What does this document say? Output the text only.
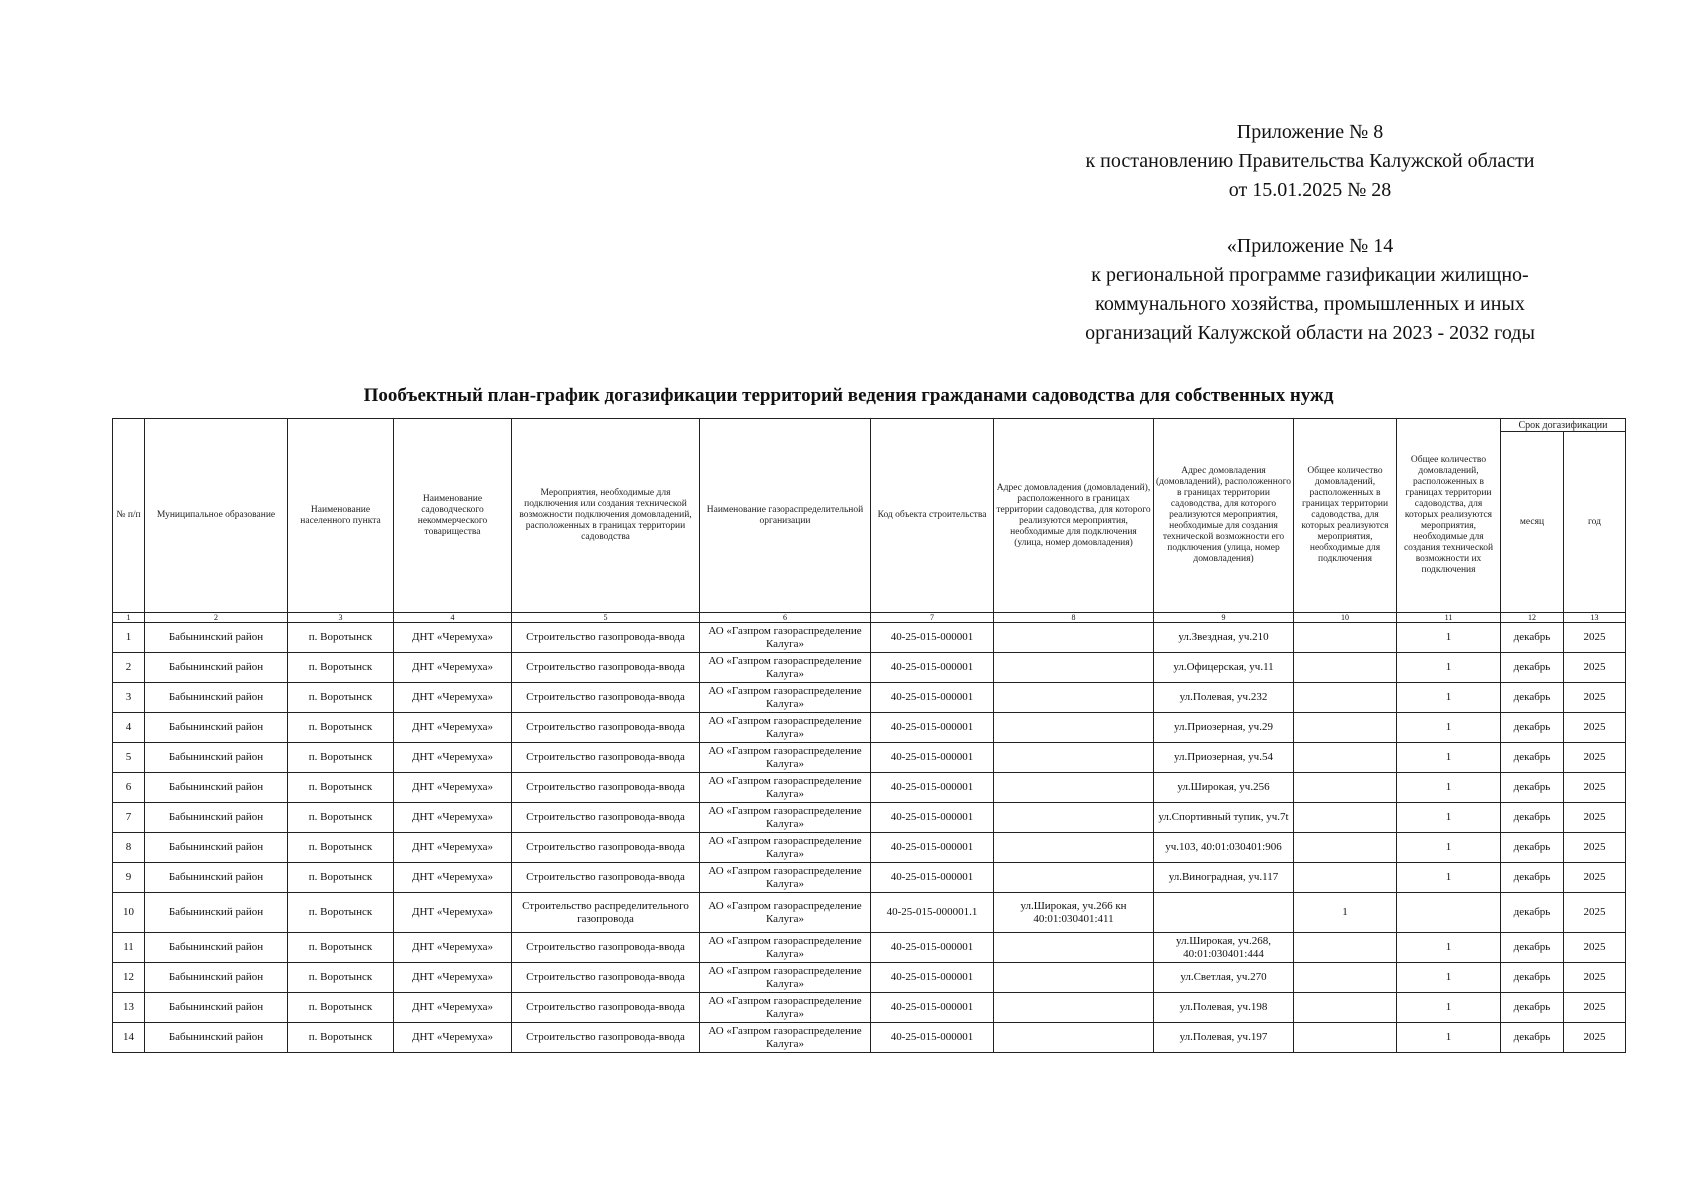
Приложение № 8

к постановлению Правительства Калужской области

от 15.01.2025 № 28

«Приложение № 14

к региональной программе газификации жилищно-

коммунального хозяйства, промышленных и иных

организаций Калужской области на 2023 - 2032 годы

Пообъектный план-график догазификации территорий ведения гражданами садоводства для собственных нужд
№ п/п	Муниципальное образование	Наименование населенного пункта	Наименование садоводческого некоммерческого товарищества	Мероприятия, необходимые для подключения или создания технической возможности подключения домовладений, расположенных в границах территории садоводства	Наименование газораспределительной организации	Код объекта строительства	Адрес домовладения (домовладений), расположенного в границах территории садоводства, для которого реализуются мероприятия, необходимые для подключения (улица, номер домовладения)	Адрес домовладения (домовладений), расположенного в границах территории садоводства, для которого реализуются мероприятия, необходимые для создания технической возможности его подключения (улица, номер домовладения)	Общее количество домовладений, расположенных в границах территории садоводства, для которых реализуются мероприятия, необходимые для подключения	Общее количество домовладений, расположенных в границах территории садоводства, для которых реализуются мероприятия, необходимые для создания технической возможности их подключения	Срок догазификации	
											месяц	год
1	2	3	4	5	6	7	8	9	10	11	12	13
1	Бабынинский район	п. Воротынск	ДНТ «Черемуха»	Строительство газопровода-ввода	АО «Газпром газораспределение Калуга»	40-25-015-000001		ул.Звездная, уч.210		1	декабрь	2025
2	Бабынинский район	п. Воротынск	ДНТ «Черемуха»	Строительство газопровода-ввода	АО «Газпром газораспределение Калуга»	40-25-015-000001		ул.Офицерская, уч.11		1	декабрь	2025
3	Бабынинский район	п. Воротынск	ДНТ «Черемуха»	Строительство газопровода-ввода	АО «Газпром газораспределение Калуга»	40-25-015-000001		ул.Полевая, уч.232		1	декабрь	2025
4	Бабынинский район	п. Воротынск	ДНТ «Черемуха»	Строительство газопровода-ввода	АО «Газпром газораспределение Калуга»	40-25-015-000001		ул.Приозерная, уч.29		1	декабрь	2025
5	Бабынинский район	п. Воротынск	ДНТ «Черемуха»	Строительство газопровода-ввода	АО «Газпром газораспределение Калуга»	40-25-015-000001		ул.Приозерная, уч.54		1	декабрь	2025
6	Бабынинский район	п. Воротынск	ДНТ «Черемуха»	Строительство газопровода-ввода	АО «Газпром газораспределение Калуга»	40-25-015-000001		ул.Широкая, уч.256		1	декабрь	2025
7	Бабынинский район	п. Воротынск	ДНТ «Черемуха»	Строительство газопровода-ввода	АО «Газпром газораспределение Калуга»	40-25-015-000001		ул.Спортивный тупик, уч.7t		1	декабрь	2025
8	Бабынинский район	п. Воротынск	ДНТ «Черемуха»	Строительство газопровода-ввода	АО «Газпром газораспределение Калуга»	40-25-015-000001		уч.103, 40:01:030401:906		1	декабрь	2025
9	Бабынинский район	п. Воротынск	ДНТ «Черемуха»	Строительство газопровода-ввода	АО «Газпром газораспределение Калуга»	40-25-015-000001		ул.Виноградная, уч.117		1	декабрь	2025
10	Бабынинский район	п. Воротынск	ДНТ «Черемуха»	Строительство распределительного газопровода	АО «Газпром газораспределение Калуга»	40-25-015-000001.1	ул.Широкая, уч.266 кн 40:01:030401:411		1		декабрь	2025
11	Бабынинский район	п. Воротынск	ДНТ «Черемуха»	Строительство газопровода-ввода	АО «Газпром газораспределение Калуга»	40-25-015-000001		ул.Широкая, уч.268, 40:01:030401:444		1	декабрь	2025
12	Бабынинский район	п. Воротынск	ДНТ «Черемуха»	Строительство газопровода-ввода	АО «Газпром газораспределение Калуга»	40-25-015-000001		ул.Светлая, уч.270		1	декабрь	2025
13	Бабынинский район	п. Воротынск	ДНТ «Черемуха»	Строительство газопровода-ввода	АО «Газпром газораспределение Калуга»	40-25-015-000001		ул.Полевая, уч.198		1	декабрь	2025
14	Бабынинский район	п. Воротынск	ДНТ «Черемуха»	Строительство газопровода-ввода	АО «Газпром газораспределение Калуга»	40-25-015-000001		ул.Полевая, уч.197		1	декабрь	2025
